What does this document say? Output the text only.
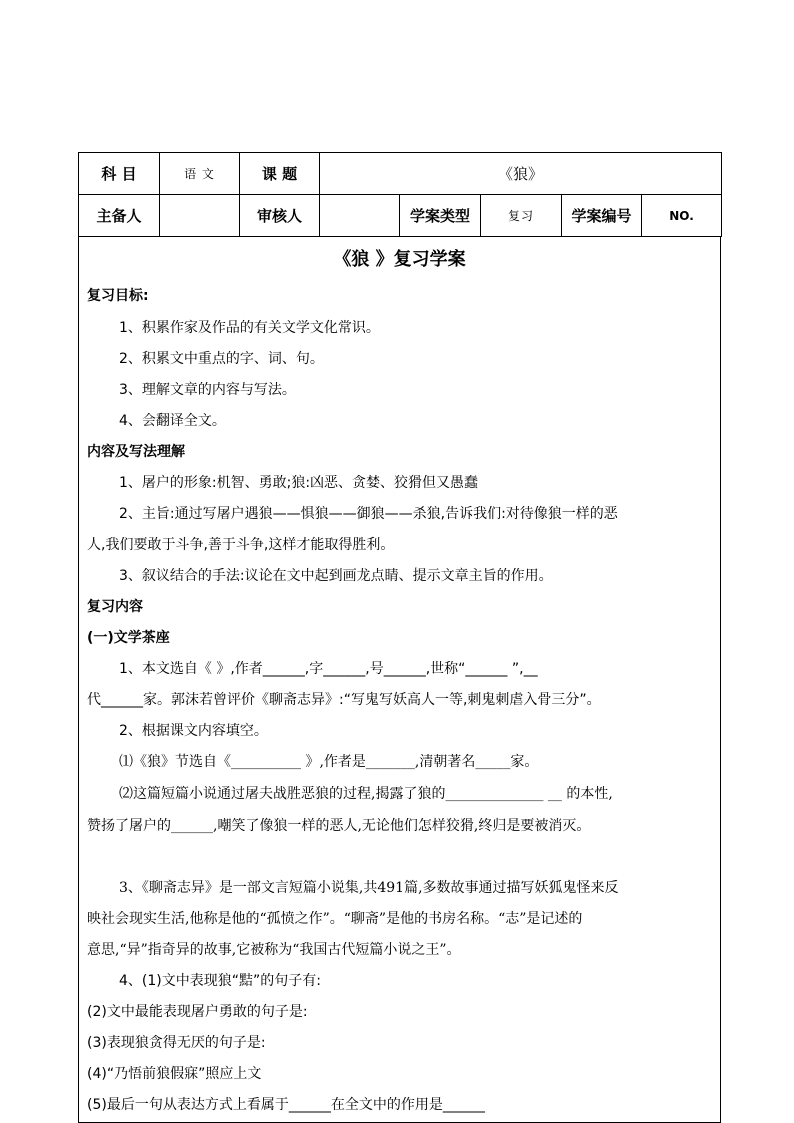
科 目	语 文	课 题	《狼》				
主备人		审核人		学案类型	复习	学案编号	NO.
《狼 》复习学案
复习目标:
1、积累作家及作品的有关文学文化常识。
2、积累文中重点的字、词、句。
3、理解文章的内容与写法。
4、会翻译全文。
内容及写法理解
1、屠户的形象:机智、勇敢;狼:凶恶、贪婪、狡猾但又愚蠢
2、主旨:通过写屠户遇狼——惧狼——御狼——杀狼,告诉我们:对待像狼一样的恶
人,我们要敢于斗争,善于斗争,这样才能取得胜利。
3、叙议结合的手法:议论在文中起到画龙点睛、提示文章主旨的作用。
复习内容
(一)文学茶座
1、本文选自《 》,作者______,字______,号______,世称“______ ”,__
代______家。郭沫若曾评价《聊斋志异》:“写鬼写妖高人一等,刺鬼刺虐入骨三分”。
2、根据课文内容填空。
⑴《狼》节选自《__________ 》,作者是_______,清朝著名_____家。
⑵这篇短篇小说通过屠夫战胜恶狼的过程,揭露了狼的______________ __ 的本性,
赞扬了屠户的______,嘲笑了像狼一样的恶人,无论他们怎样狡猾,终归是要被消灭。
3、《聊斋志异》是一部文言短篇小说集,共491篇,多数故事通过描写妖狐鬼怪来反
映社会现实生活,他称是他的“孤愤之作”。“聊斋”是他的书房名称。“志”是记述的
意思,“异”指奇异的故事,它被称为“我国古代短篇小说之王”。
4、(1)文中表现狼“黠”的句子有:
(2)文中最能表现屠户勇敢的句子是:
(3)表现狼贪得无厌的句子是:
(4)“乃悟前狼假寐”照应上文
(5)最后一句从表达方式上看属于______在全文中的作用是______
